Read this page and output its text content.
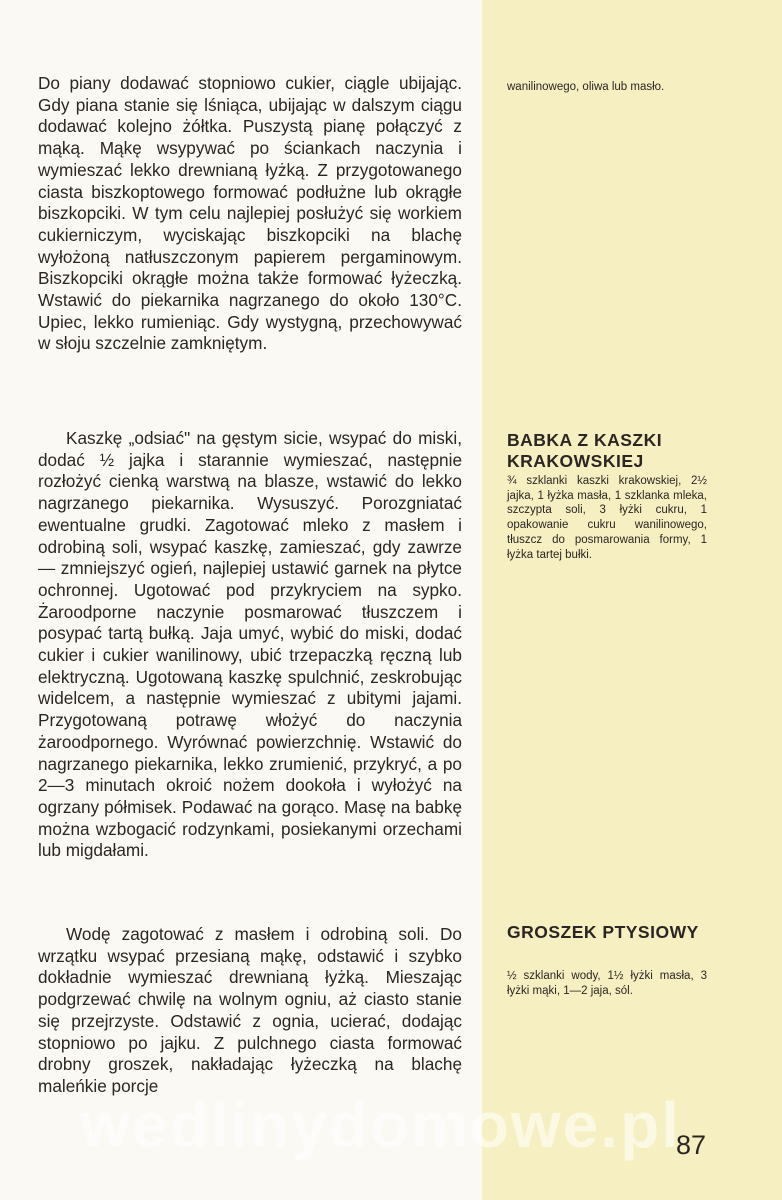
Do piany dodawać stopniowo cukier, ciągle ubijając. Gdy piana stanie się lśniąca, ubijając w dalszym ciągu dodawać kolejno żółtka. Puszystą pianę połączyć z mąką. Mąkę wsypywać po ściankach naczynia i wymieszać lekko drewnianą łyżką. Z przygotowanego ciasta biszkoptowego formować podłużne lub okrągłe biszkopciki. W tym celu najlepiej posłużyć się workiem cukierniczym, wyciskając biszkopciki na blachę wyłożoną natłuszczonym papierem pergaminowym. Biszkopciki okrągłe można także formować łyżeczką. Wstawić do piekarnika nagrzanego do około 130°C. Upiec, lekko rumieniąc. Gdy wystygną, przechowywać w słoju szczelnie zamkniętym.

Kaszkę „odsiać" na gęstym sicie, wsypać do miski, dodać ½ jajka i starannie wymieszać, następnie rozłożyć cienką warstwą na blasze, wstawić do lekko nagrzanego piekarnika. Wysuszyć. Porozgniatać ewentualne grudki. Zagotować mleko z masłem i odrobiną soli, wsypać kaszkę, zamieszać, gdy zawrze — zmniejszyć ogień, najlepiej ustawić garnek na płytce ochronnej. Ugotować pod przykryciem na sypko. Żaroodporne naczynie posmarować tłuszczem i posypać tartą bułką. Jaja umyć, wybić do miski, dodać cukier i cukier wanilinowy, ubić trzepaczką ręczną lub elektryczną. Ugotowaną kaszkę spulchnić, zeskrobując widelcem, a następnie wymieszać z ubitymi jajami. Przygotowaną potrawę włożyć do naczynia żaroodpornego. Wyrównać powierzchnię. Wstawić do nagrzanego piekarnika, lekko zrumienić, przykryć, a po 2—3 minutach okroić nożem dookoła i wyłożyć na ogrzany półmisek. Podawać na gorąco. Masę na babkę można wzbogacić rodzynkami, posiekanymi orzechami lub migdałami.

Wodę zagotować z masłem i odrobiną soli. Do wrzątku wsypać przesianą mąkę, odstawić i szybko dokładnie wymieszać drewnianą łyżką. Mieszając podgrzewać chwilę na wolnym ogniu, aż ciasto stanie się przejrzyste. Odstawić z ognia, ucierać, dodając stopniowo po jajku. Z pulchnego ciasta formować drobny groszek, nakładając łyżeczką na blachę maleńkie porcje

wanilinowego, oliwa lub masło.

BABKA Z KASZKI KRAKOWSKIEJ

¾ szklanki kaszki krakowskiej, 2½ jajka, 1 łyżka masła, 1 szklanka mleka, szczypta soli, 3 łyżki cukru, 1 opakowanie cukru wanilinowego, tłuszcz do posmarowania formy, 1 łyżka tartej bułki.

GROSZEK PTYSIOWY

½ szklanki wody, 1½ łyżki masła, 3 łyżki mąki, 1—2 jaja, sól.

wedlinydomowe.pl
87
